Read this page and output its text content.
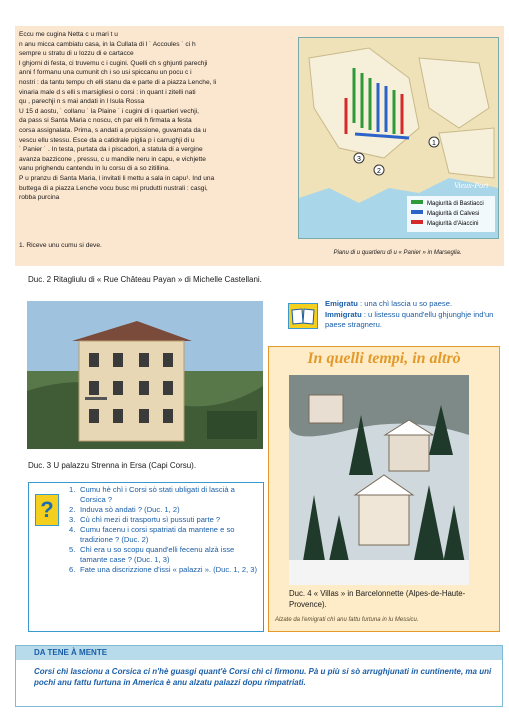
Eccu me cugina Netta c u mari t u

n anu micca cambiatu casa, in la Cullata di l ˙ Accoules ˙ ci h

sempre u stratu di u lozzu di e cartacce

l ghjorni di festa, ci truvemu c i cugini. Quelli ch s ghjunti parechji

anni f formanu una cumunit ch i so usi spiccanu un pocu c i

nostri : da tantu tempu ch elli stanu da e parte di a piazza Lenche, li

vinaria male d s elli s marsigliesi o corsi : in quant i zitelli nati

qu , parechji n s mai andati in l Isula Rossa

U 15 d aostu, ˙ collanu ˙ la Plaine ˙ i cugini di i quartieri vechji,

da pass si Santa Maria c noscu, ch par elli h firmata a festa

corsa assignalata. Prima, s andati a prucissione, guvarnata da u

vescu ellu stessu. Esce da a catidrale piglia p i carrughji di u

˙ Panier ˙ . In testa, purtata da i piscadori, a statula di a vergine

avanza bazzicone , pressu, c u mandile neru in capu, e vichjette

vanu prighendu cantendu in lu corsu di a so zitillina.

P u pranzu di Santa Maria, l invitati li mettu a sala in capu¹. Ind una

buttega di a piazza Lenche vocu busc mi prudutti nustrali : casgi,

robba purcina

1. Riceve unu cumu si deve.
3
2
1
Vieux-Port
Magiurità di Bastiacci
Magiurità di Calvesi
Magiurità d'Aiaccini
Pianu di u quartieru di u « Panier » in Marseglia.
Duc. 2 Ritagliulu di « Rue Château Payan » di Michelle Castellani.
Duc. 3 U palazzu Strenna in Ersa (Capi Corsu).
?
1. Cumu hè chì i Corsi sò stati ubligati di lascià a Corsica ?
2. Induva sò andati ? (Duc. 1, 2)
3. Cù chì mezi di trasportu sì pussuti parte ?
4. Cumu facenu i corsi spatriati da mantene e so tradizione ? (Duc. 2)
5. Chì era u so scopu quand'elli fecenu alzà isse tamante case ? (Duc. 1, 3)
6. Fate una discrizzione d'issi « palazzi ». (Duc. 1, 2, 3)
Emigratu : una chì lascia u so paese.
Immigratu : u listessu quand'ellu ghjunghje ind'un paese stragneru.
In quelli tempi, in altrò
Duc. 4 « Villas » in Barcelonnette (Alpes-de-Haute- Provence).
Alzate da l'emigrati chì anu fattu furtuna in lu Messicu.
DA TENE À MENTE
Corsi chì lascionu a Corsica ci n'hè guasgi quant'è Corsi chì ci firmonu. Pà u più si sò arrughjunati in cuntinente, ma uni pochi anu fattu furtuna in America è anu alzatu palazzi dopu rimpatriati.
